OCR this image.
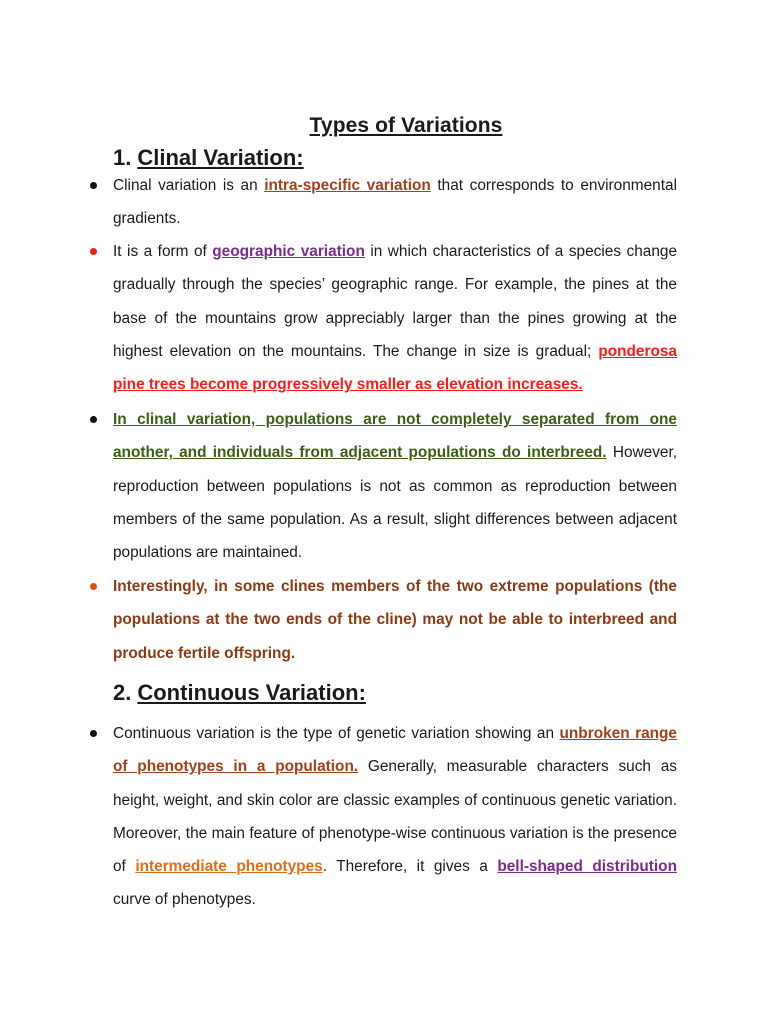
Types of Variations
1. Clinal Variation:
Clinal variation is an intra-specific variation that corresponds to environmental gradients.
It is a form of geographic variation in which characteristics of a species change gradually through the species’ geographic range. For example, the pines at the base of the mountains grow appreciably larger than the pines growing at the highest elevation on the mountains. The change in size is gradual; ponderosa pine trees become progressively smaller as elevation increases.
In clinal variation, populations are not completely separated from one another, and individuals from adjacent populations do interbreed. However, reproduction between populations is not as common as reproduction between members of the same population. As a result, slight differences between adjacent populations are maintained.
Interestingly, in some clines members of the two extreme populations (the populations at the two ends of the cline) may not be able to interbreed and produce fertile offspring.
2. Continuous Variation:
Continuous variation is the type of genetic variation showing an unbroken range of phenotypes in a population. Generally, measurable characters such as height, weight, and skin color are classic examples of continuous genetic variation. Moreover, the main feature of phenotype-wise continuous variation is the presence of intermediate phenotypes. Therefore, it gives a bell-shaped distribution curve of phenotypes.
